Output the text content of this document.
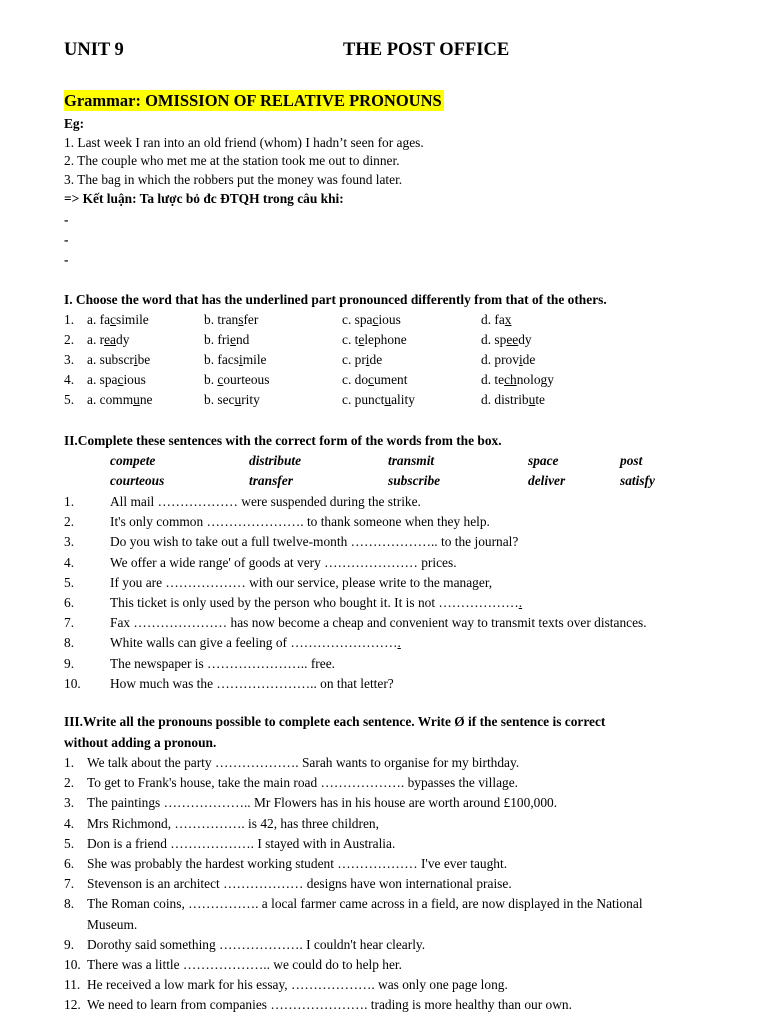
UNIT 9	THE POST OFFICE
Grammar: OMISSION OF RELATIVE PRONOUNS
Eg:
1. Last week I ran into an old friend (whom) I hadn’t seen for ages.
2. The couple who met me at the station took me out to dinner.
3. The bag in which the robbers put the money was found later.
=> Kết luận: Ta lược bỏ đc ĐTQH trong câu khi:
-
-
-
I. Choose the word that has the underlined part pronounced differently from that of the others.
1. a. facsimile	b. transfer	c. spacious	d. fax
2. a. ready	b. friend	c. telephone	d. speedy
3. a. subscribe	b. facsimile	c. pride	d. provide
4. a. spacious	b. courteous	c. document	d. technology
5. a. commune	b. security	c. punctuality	d. distribute
II.Complete these sentences with the correct form of the words from the box.
compete	distribute	transmit	space	post
courteous	transfer	subscribe	deliver	satisfy
1.	All mail ……………… were suspended during the strike.
2.	It's only common …………………. to thank someone when they help.
3.	Do you wish to take out a full twelve-month ……………….. to the journal?
4.	We offer a wide range' of goods at very ………………… prices.
5.	If you are ……………… with our service, please write to the manager,
6.	This ticket is only used by the person who bought it. It is not ……………….
7.	Fax ………………… has now become a cheap and convenient way to transmit texts over distances.
8.	White walls can give a feeling of …………………….
9.	The newspaper is ………………….. free.
10. How much was the ………………….. on that letter?
III.Write all the pronouns possible to complete each sentence. Write Ø if the sentence is correct
without adding a pronoun.
1. We talk about the party ………………. Sarah wants to organise for my birthday.
2. To get to Frank's house, take the main road ………………. bypasses the village.
3. The paintings ……………….. Mr Flowers has in his house are worth around £100,000.
4. Mrs Richmond, ……………. is 42, has three children,
5. Don is a friend ………………. I stayed with in Australia.
6. She was probably the hardest working student ……………… I've ever taught.
7. Stevenson is an architect ……………… designs have won international praise.
8. The Roman coins, ……………. a local farmer came across in a field, are now displayed in the National
Museum.
9. Dorothy said something ………………. I couldn't hear clearly.
10. There was a little ……………….. we could do to help her.
11. He received a low mark for his essay, ………………. was only one page long.
12. We need to learn from companies …………………. trading is more healthy than our own.
